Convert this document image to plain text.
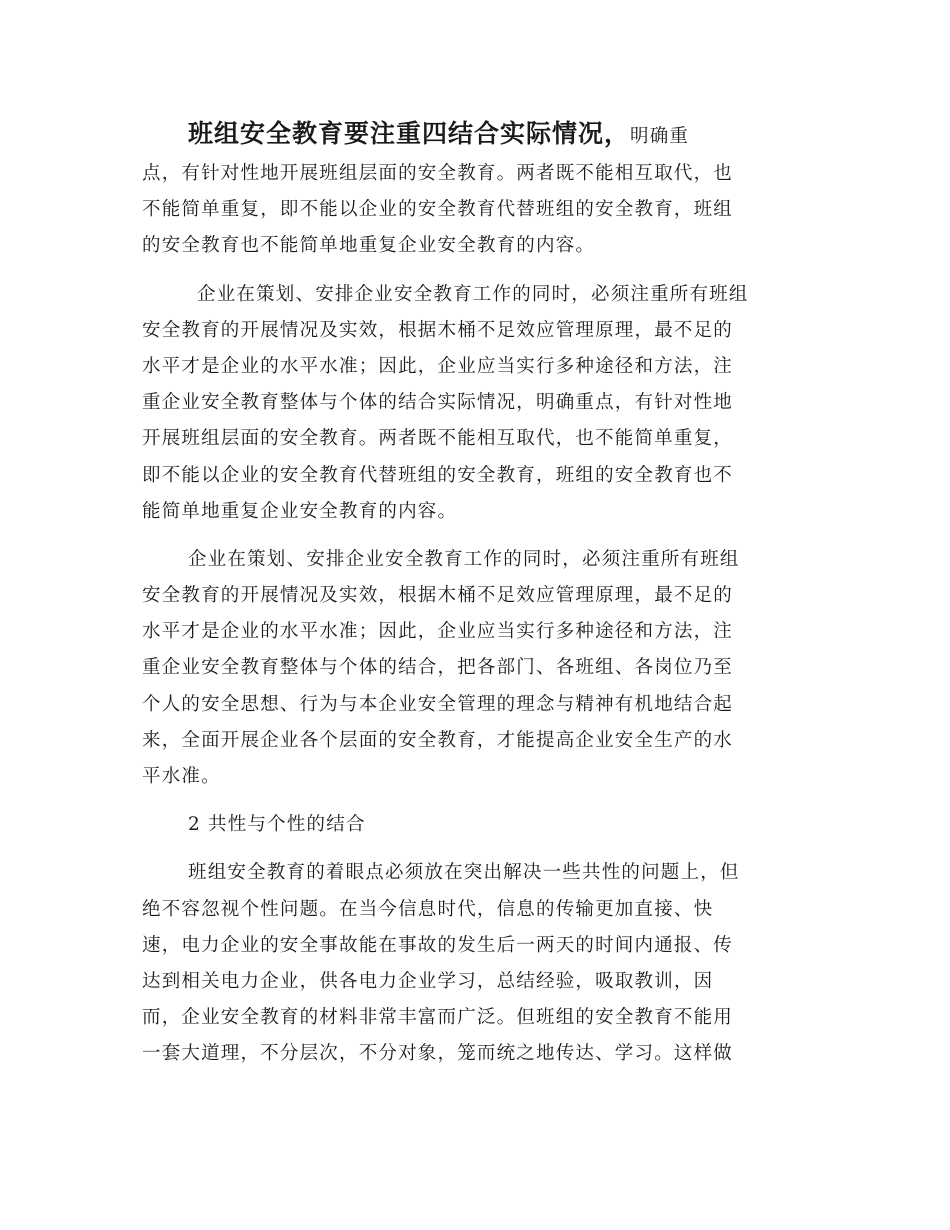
班组安全教育要注重四结合实际情况，明确重

点，有针对性地开展班组层面的安全教育。两者既不能相互取代，也
不能简单重复，即不能以企业的安全教育代替班组的安全教育，班组
的安全教育也不能简单地重复企业安全教育的内容。

企业在策划、安排企业安全教育工作的同时，必须注重所有班组
安全教育的开展情况及实效，根据木桶不足效应管理原理，最不足的
水平才是企业的水平水准；因此，企业应当实行多种途径和方法，注
重企业安全教育整体与个体的结合实际情况，明确重点，有针对性地
开展班组层面的安全教育。两者既不能相互取代，也不能简单重复，
即不能以企业的安全教育代替班组的安全教育，班组的安全教育也不
能简单地重复企业安全教育的内容。

企业在策划、安排企业安全教育工作的同时，必须注重所有班组
安全教育的开展情况及实效，根据木桶不足效应管理原理，最不足的
水平才是企业的水平水准；因此，企业应当实行多种途径和方法，注
重企业安全教育整体与个体的结合，把各部门、各班组、各岗位乃至
个人的安全思想、行为与本企业安全管理的理念与精神有机地结合起
来，全面开展企业各个层面的安全教育，才能提高企业安全生产的水
平水准。

2 共性与个性的结合

班组安全教育的着眼点必须放在突出解决一些共性的问题上，但
绝不容忽视个性问题。在当今信息时代，信息的传输更加直接、快
速，电力企业的安全事故能在事故的发生后一两天的时间内通报、传
达到相关电力企业，供各电力企业学习，总结经验，吸取教训，因
而，企业安全教育的材料非常丰富而广泛。但班组的安全教育不能用
一套大道理，不分层次，不分对象，笼而统之地传达、学习。这样做
